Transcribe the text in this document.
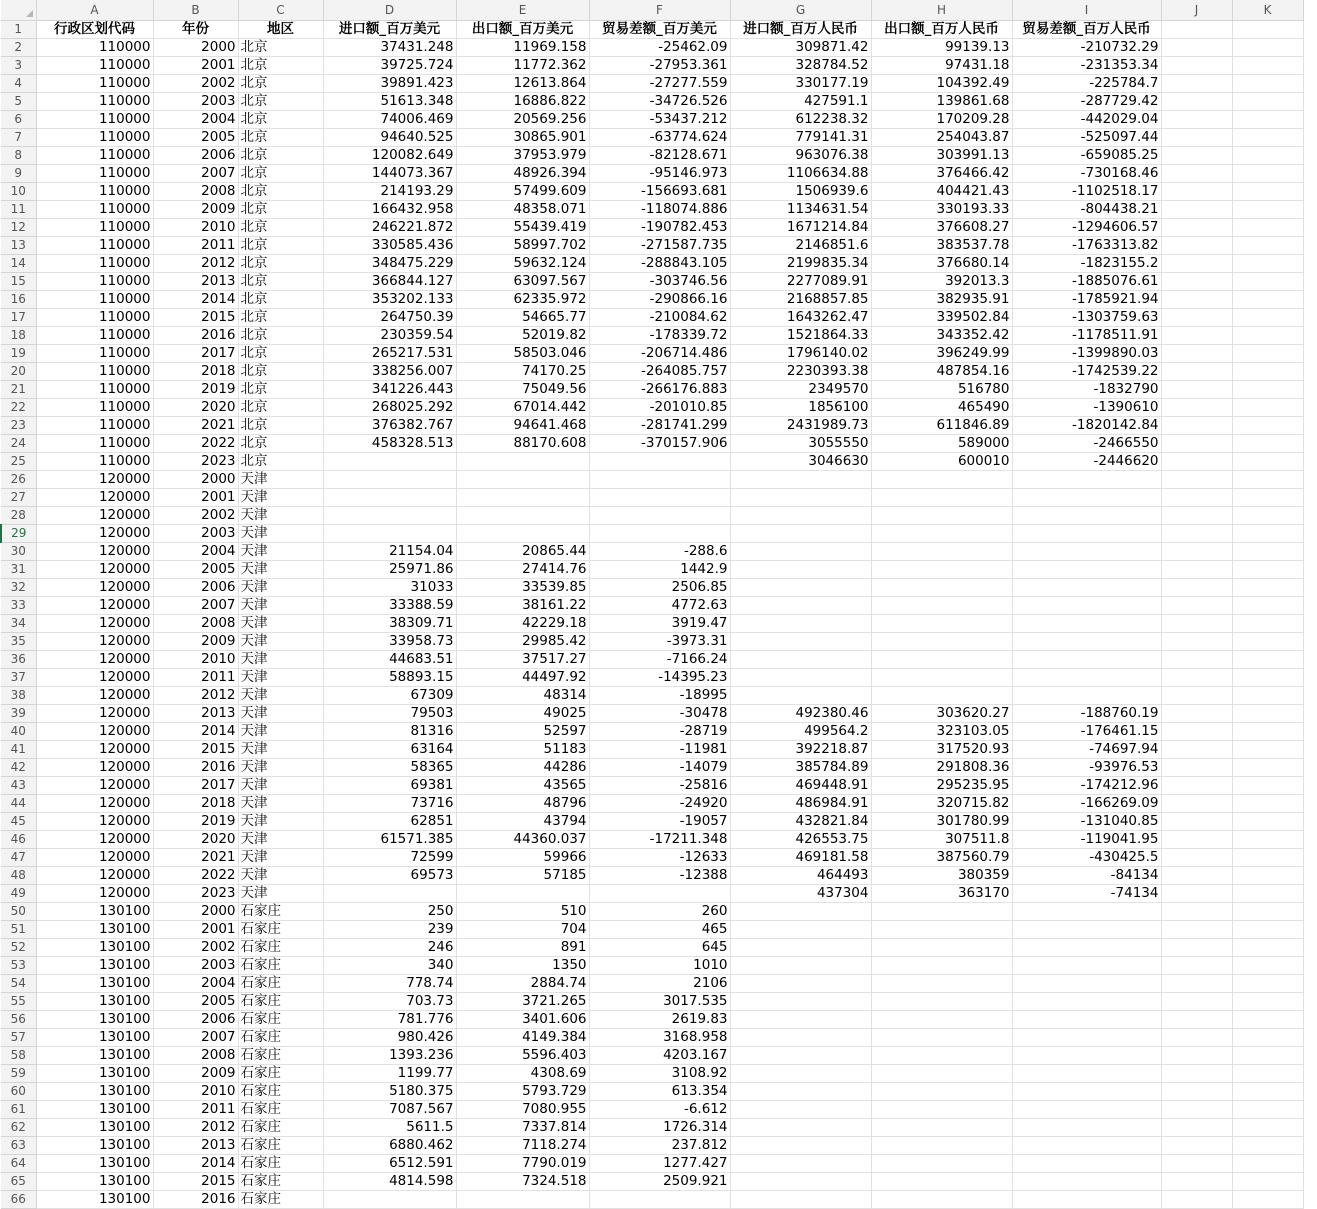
	A	B	C	D	E	F	G	H	I	J	K
1	行政区划代码	年份	地区	进口额_百万美元	出口额_百万美元	贸易差额_百万美元	进口额_百万人民币	出口额_百万人民币	贸易差额_百万人民币		
2	110000	2000	北京	37431.248	11969.158	-25462.09	309871.42	99139.13	-210732.29		
3	110000	2001	北京	39725.724	11772.362	-27953.361	328784.52	97431.18	-231353.34		
4	110000	2002	北京	39891.423	12613.864	-27277.559	330177.19	104392.49	-225784.7		
5	110000	2003	北京	51613.348	16886.822	-34726.526	427591.1	139861.68	-287729.42		
6	110000	2004	北京	74006.469	20569.256	-53437.212	612238.32	170209.28	-442029.04		
7	110000	2005	北京	94640.525	30865.901	-63774.624	779141.31	254043.87	-525097.44		
8	110000	2006	北京	120082.649	37953.979	-82128.671	963076.38	303991.13	-659085.25		
9	110000	2007	北京	144073.367	48926.394	-95146.973	1106634.88	376466.42	-730168.46		
10	110000	2008	北京	214193.29	57499.609	-156693.681	1506939.6	404421.43	-1102518.17		
11	110000	2009	北京	166432.958	48358.071	-118074.886	1134631.54	330193.33	-804438.21		
12	110000	2010	北京	246221.872	55439.419	-190782.453	1671214.84	376608.27	-1294606.57		
13	110000	2011	北京	330585.436	58997.702	-271587.735	2146851.6	383537.78	-1763313.82		
14	110000	2012	北京	348475.229	59632.124	-288843.105	2199835.34	376680.14	-1823155.2		
15	110000	2013	北京	366844.127	63097.567	-303746.56	2277089.91	392013.3	-1885076.61		
16	110000	2014	北京	353202.133	62335.972	-290866.16	2168857.85	382935.91	-1785921.94		
17	110000	2015	北京	264750.39	54665.77	-210084.62	1643262.47	339502.84	-1303759.63		
18	110000	2016	北京	230359.54	52019.82	-178339.72	1521864.33	343352.42	-1178511.91		
19	110000	2017	北京	265217.531	58503.046	-206714.486	1796140.02	396249.99	-1399890.03		
20	110000	2018	北京	338256.007	74170.25	-264085.757	2230393.38	487854.16	-1742539.22		
21	110000	2019	北京	341226.443	75049.56	-266176.883	2349570	516780	-1832790		
22	110000	2020	北京	268025.292	67014.442	-201010.85	1856100	465490	-1390610		
23	110000	2021	北京	376382.767	94641.468	-281741.299	2431989.73	611846.89	-1820142.84		
24	110000	2022	北京	458328.513	88170.608	-370157.906	3055550	589000	-2466550		
25	110000	2023	北京				3046630	600010	-2446620		
26	120000	2000	天津								
27	120000	2001	天津								
28	120000	2002	天津								
29	120000	2003	天津								
30	120000	2004	天津	21154.04	20865.44	-288.6					
31	120000	2005	天津	25971.86	27414.76	1442.9					
32	120000	2006	天津	31033	33539.85	2506.85					
33	120000	2007	天津	33388.59	38161.22	4772.63					
34	120000	2008	天津	38309.71	42229.18	3919.47					
35	120000	2009	天津	33958.73	29985.42	-3973.31					
36	120000	2010	天津	44683.51	37517.27	-7166.24					
37	120000	2011	天津	58893.15	44497.92	-14395.23					
38	120000	2012	天津	67309	48314	-18995					
39	120000	2013	天津	79503	49025	-30478	492380.46	303620.27	-188760.19		
40	120000	2014	天津	81316	52597	-28719	499564.2	323103.05	-176461.15		
41	120000	2015	天津	63164	51183	-11981	392218.87	317520.93	-74697.94		
42	120000	2016	天津	58365	44286	-14079	385784.89	291808.36	-93976.53		
43	120000	2017	天津	69381	43565	-25816	469448.91	295235.95	-174212.96		
44	120000	2018	天津	73716	48796	-24920	486984.91	320715.82	-166269.09		
45	120000	2019	天津	62851	43794	-19057	432821.84	301780.99	-131040.85		
46	120000	2020	天津	61571.385	44360.037	-17211.348	426553.75	307511.8	-119041.95		
47	120000	2021	天津	72599	59966	-12633	469181.58	387560.79	-430425.5		
48	120000	2022	天津	69573	57185	-12388	464493	380359	-84134		
49	120000	2023	天津				437304	363170	-74134		
50	130100	2000	石家庄	250	510	260					
51	130100	2001	石家庄	239	704	465					
52	130100	2002	石家庄	246	891	645					
53	130100	2003	石家庄	340	1350	1010					
54	130100	2004	石家庄	778.74	2884.74	2106					
55	130100	2005	石家庄	703.73	3721.265	3017.535					
56	130100	2006	石家庄	781.776	3401.606	2619.83					
57	130100	2007	石家庄	980.426	4149.384	3168.958					
58	130100	2008	石家庄	1393.236	5596.403	4203.167					
59	130100	2009	石家庄	1199.77	4308.69	3108.92					
60	130100	2010	石家庄	5180.375	5793.729	613.354					
61	130100	2011	石家庄	7087.567	7080.955	-6.612					
62	130100	2012	石家庄	5611.5	7337.814	1726.314					
63	130100	2013	石家庄	6880.462	7118.274	237.812					
64	130100	2014	石家庄	6512.591	7790.019	1277.427					
65	130100	2015	石家庄	4814.598	7324.518	2509.921					
66	130100	2016	石家庄								
